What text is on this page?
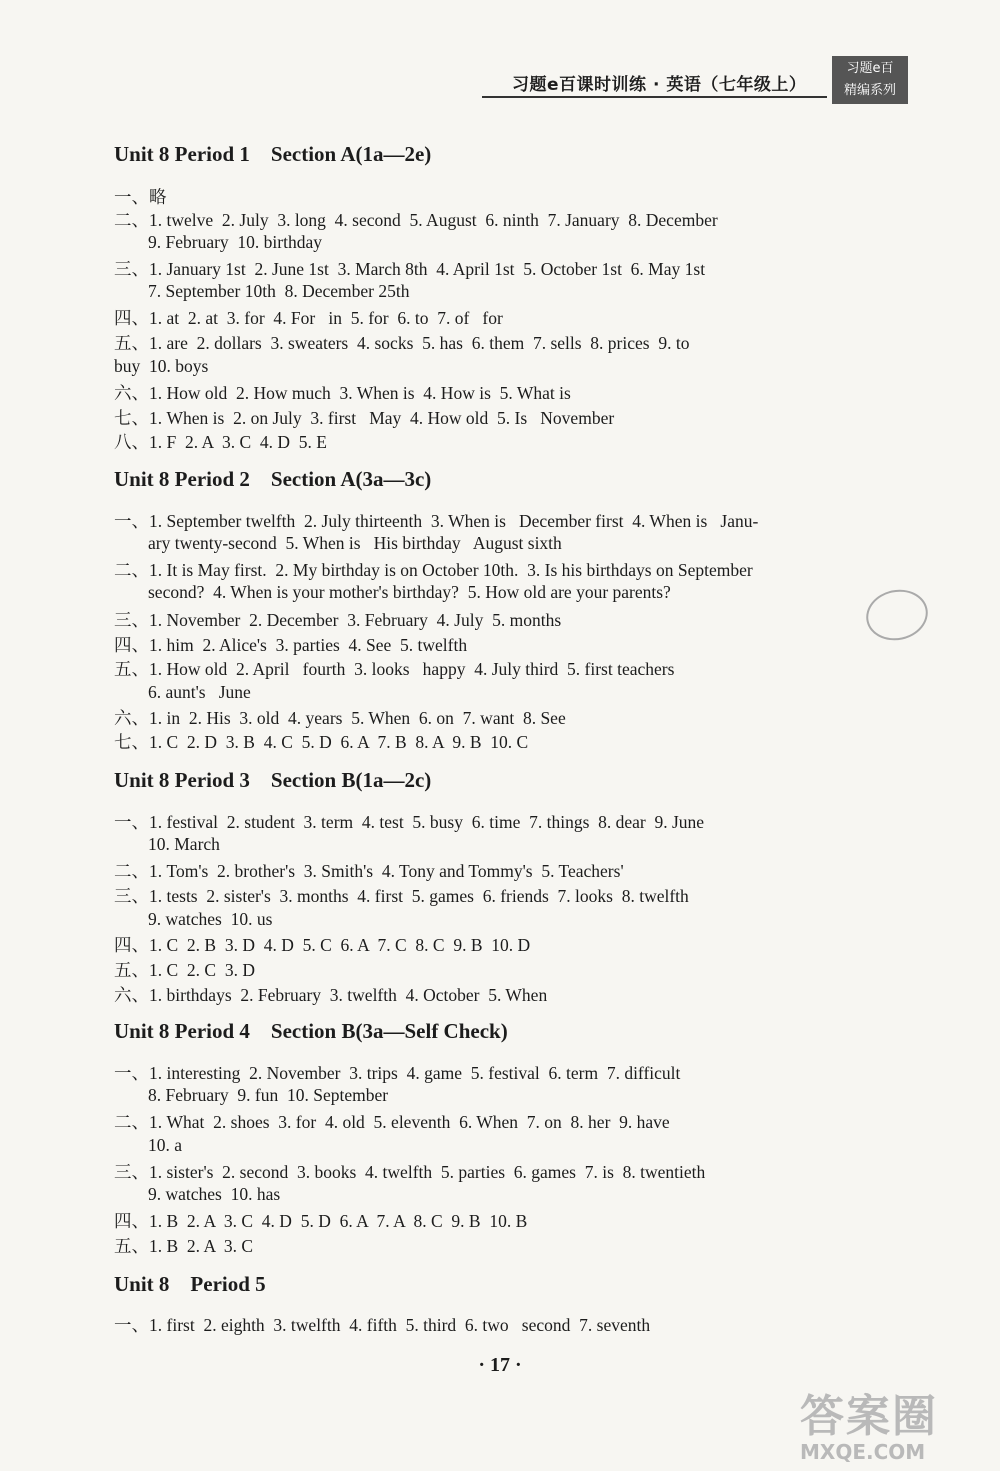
习题e百课时训练 · 英语（七年级上）
习题e百
精编系列
Unit 8 Period 1    Section A(1a—2e)
Unit 8 Period 2    Section A(3a—3c)
Unit 8 Period 3    Section B(1a—2c)
Unit 8 Period 4    Section B(3a—Self Check)
Unit 8    Period 5
一、略
二、1. twelve  2. July  3. long  4. second  5. August  6. ninth  7. January  8. December
9. February  10. birthday
三、1. January 1st  2. June 1st  3. March 8th  4. April 1st  5. October 1st  6. May 1st
7. September 10th  8. December 25th
四、1. at  2. at  3. for  4. For   in  5. for  6. to  7. of   for
五、1. are  2. dollars  3. sweaters  4. socks  5. has  6. them  7. sells  8. prices  9. to
buy  10. boys
六、1. How old  2. How much  3. When is  4. How is  5. What is
七、1. When is  2. on July  3. first   May  4. How old  5. Is   November
八、1. F  2. A  3. C  4. D  5. E
一、1. September twelfth  2. July thirteenth  3. When is   December first  4. When is   Janu-
ary twenty-second  5. When is   His birthday   August sixth
二、1. It is May first.  2. My birthday is on October 10th.  3. Is his birthdays on September
second?  4. When is your mother's birthday?  5. How old are your parents?
三、1. November  2. December  3. February  4. July  5. months
四、1. him  2. Alice's  3. parties  4. See  5. twelfth
五、1. How old  2. April   fourth  3. looks   happy  4. July third  5. first teachers
6. aunt's   June
六、1. in  2. His  3. old  4. years  5. When  6. on  7. want  8. See
七、1. C  2. D  3. B  4. C  5. D  6. A  7. B  8. A  9. B  10. C
一、1. festival  2. student  3. term  4. test  5. busy  6. time  7. things  8. dear  9. June
10. March
二、1. Tom's  2. brother's  3. Smith's  4. Tony and Tommy's  5. Teachers'
三、1. tests  2. sister's  3. months  4. first  5. games  6. friends  7. looks  8. twelfth
9. watches  10. us
四、1. C  2. B  3. D  4. D  5. C  6. A  7. C  8. C  9. B  10. D
五、1. C  2. C  3. D
六、1. birthdays  2. February  3. twelfth  4. October  5. When
一、1. interesting  2. November  3. trips  4. game  5. festival  6. term  7. difficult
8. February  9. fun  10. September
二、1. What  2. shoes  3. for  4. old  5. eleventh  6. When  7. on  8. her  9. have
10. a
三、1. sister's  2. second  3. books  4. twelfth  5. parties  6. games  7. is  8. twentieth
9. watches  10. has
四、1. B  2. A  3. C  4. D  5. D  6. A  7. A  8. C  9. B  10. B
五、1. B  2. A  3. C
一、1. first  2. eighth  3. twelfth  4. fifth  5. third  6. two   second  7. seventh
· 17 ·
答案圈
MXQE.COM
